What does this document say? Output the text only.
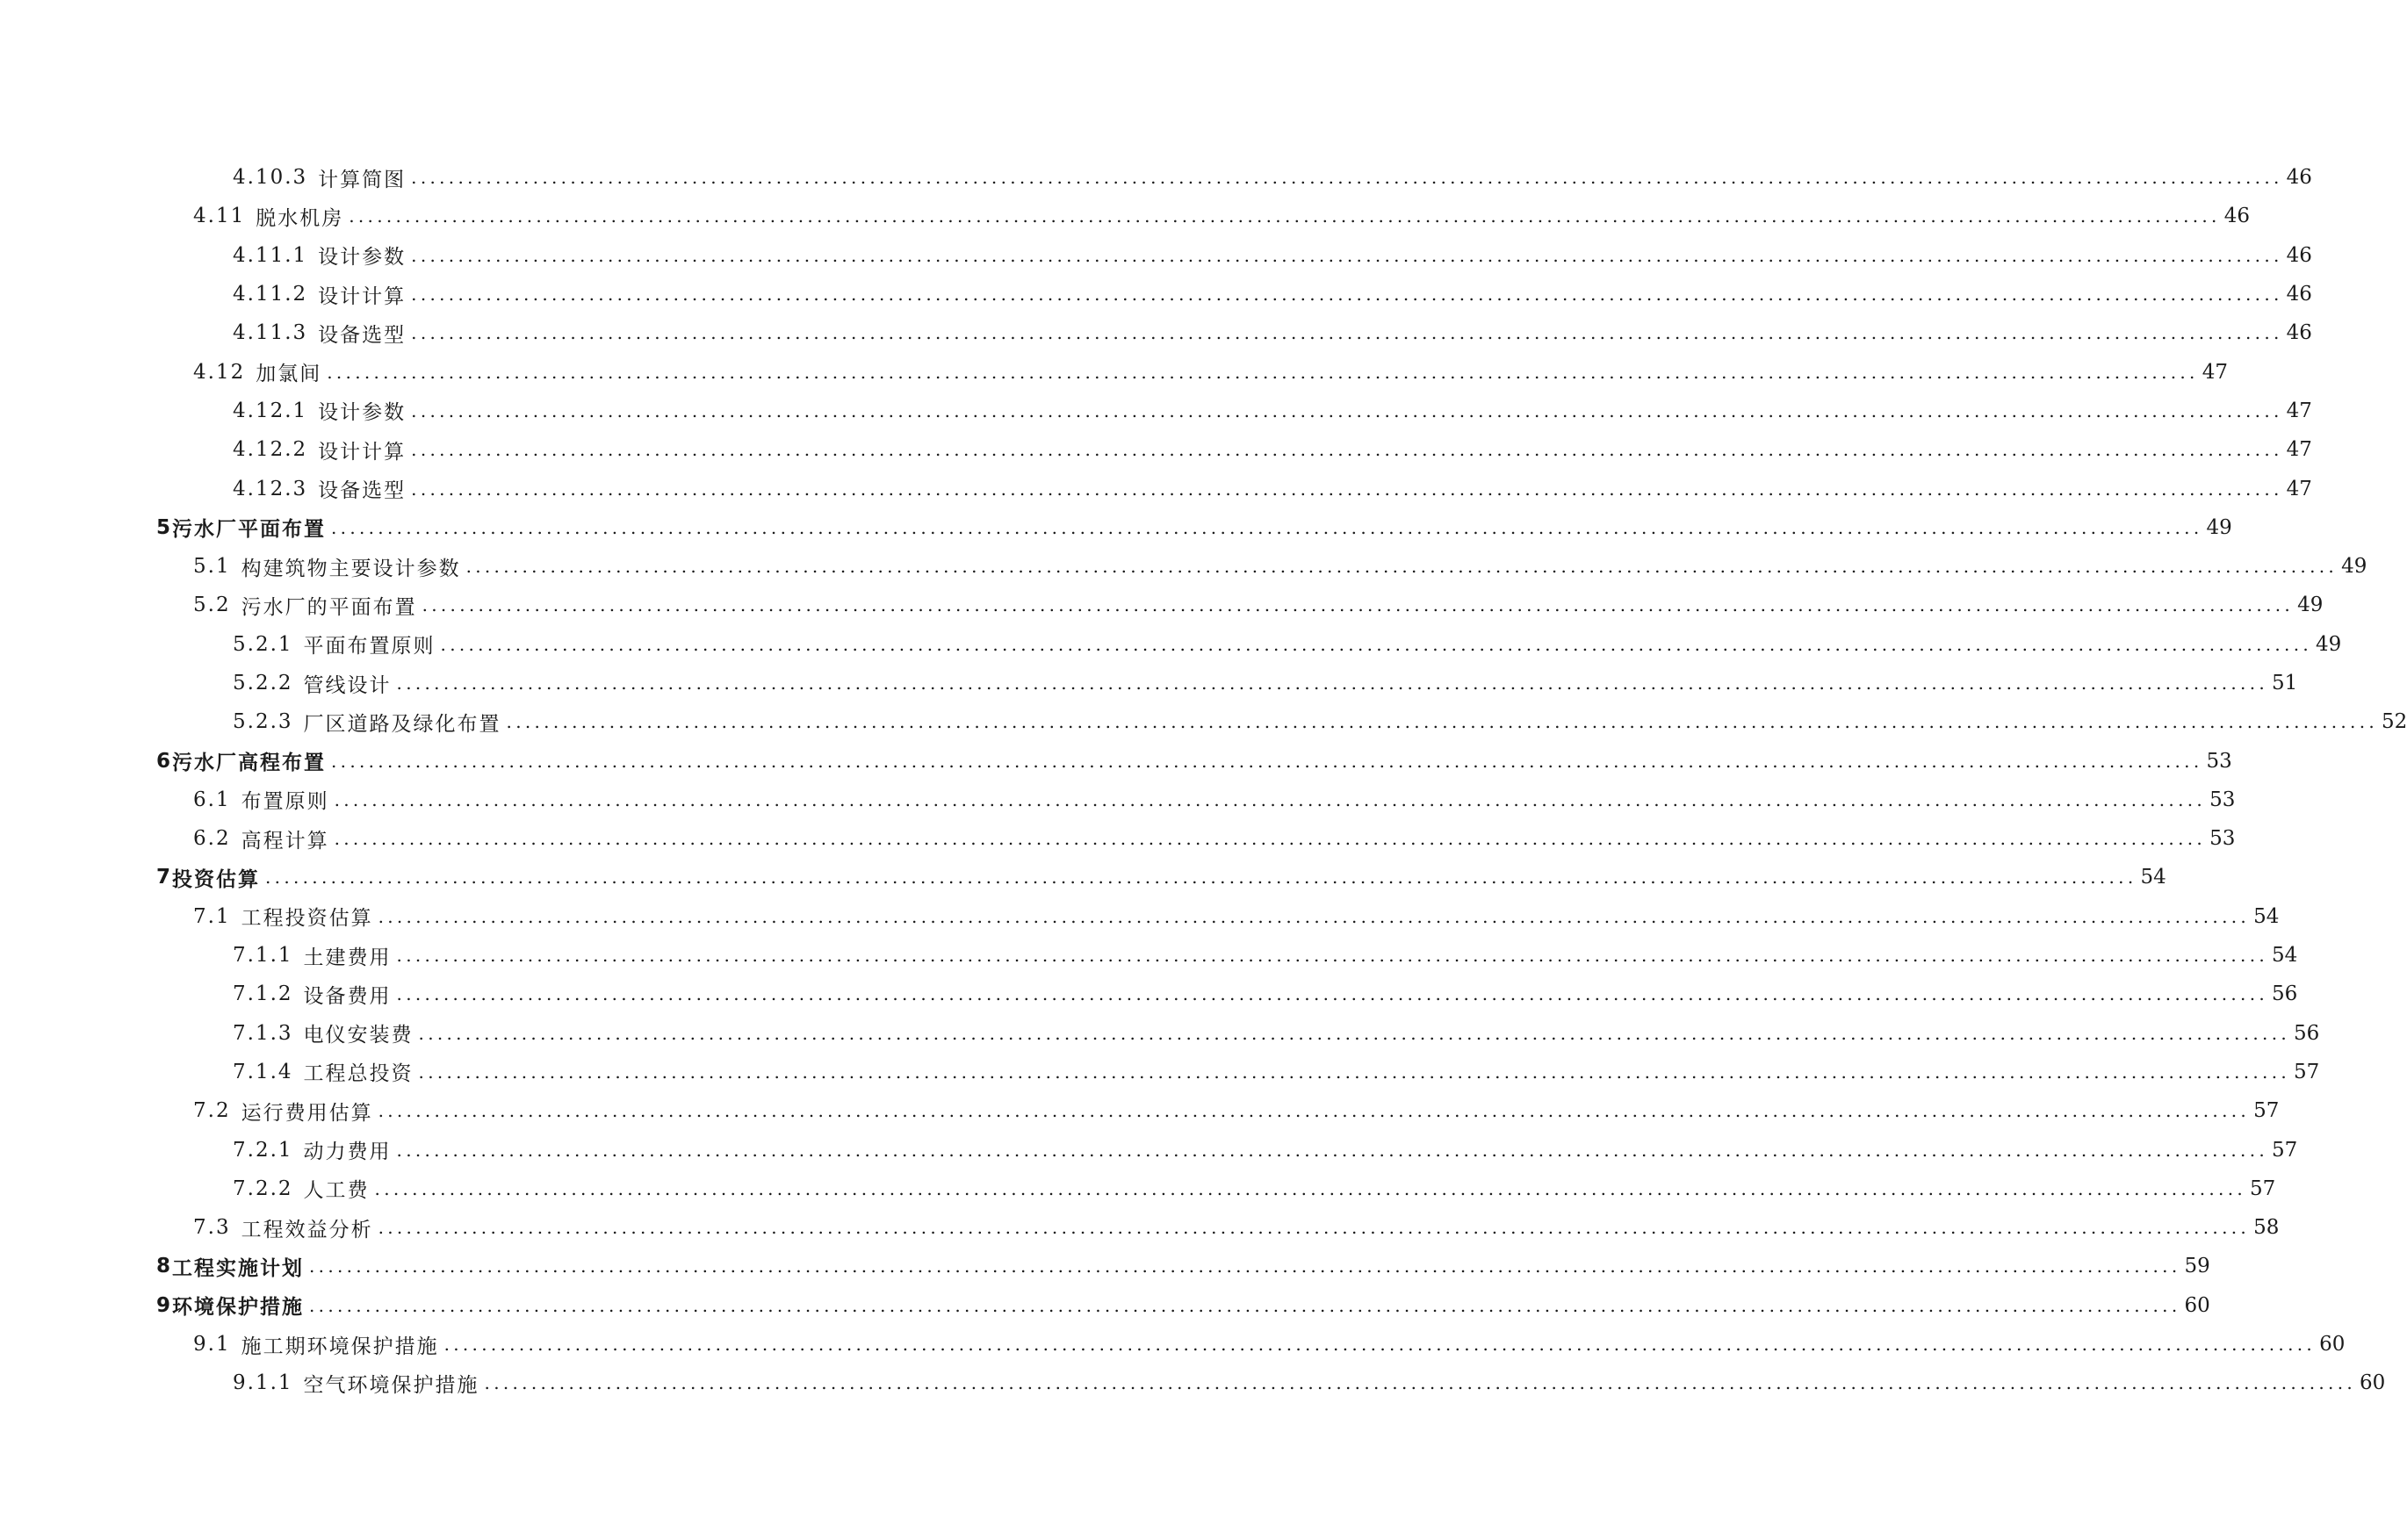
4.10.3 计算简图 ........................................................................................................................................................................................................ 46
4.11 脱水机房 ........................................................................................................................................................................................................ 46
4.11.1 设计参数 ........................................................................................................................................................................................................ 46
4.11.2 设计计算 ........................................................................................................................................................................................................ 46
4.11.3 设备选型 ........................................................................................................................................................................................................ 46
4.12 加氯间 ........................................................................................................................................................................................................ 47
4.12.1 设计参数 ........................................................................................................................................................................................................ 47
4.12.2 设计计算 ........................................................................................................................................................................................................ 47
4.12.3 设备选型 ........................................................................................................................................................................................................ 47
5 污水厂平面布置 ........................................................................................................................................................................................................ 49
5.1 构建筑物主要设计参数 ........................................................................................................................................................................................................ 49
5.2 污水厂的平面布置 ........................................................................................................................................................................................................ 49
5.2.1 平面布置原则 ........................................................................................................................................................................................................ 49
5.2.2 管线设计 ........................................................................................................................................................................................................ 51
5.2.3 厂区道路及绿化布置 ........................................................................................................................................................................................................ 52
6 污水厂高程布置 ........................................................................................................................................................................................................ 53
6.1 布置原则 ........................................................................................................................................................................................................ 53
6.2 高程计算 ........................................................................................................................................................................................................ 53
7 投资估算 ........................................................................................................................................................................................................ 54
7.1 工程投资估算 ........................................................................................................................................................................................................ 54
7.1.1 土建费用 ........................................................................................................................................................................................................ 54
7.1.2 设备费用 ........................................................................................................................................................................................................ 56
7.1.3 电仪安装费 ........................................................................................................................................................................................................ 56
7.1.4 工程总投资 ........................................................................................................................................................................................................ 57
7.2 运行费用估算 ........................................................................................................................................................................................................ 57
7.2.1 动力费用 ........................................................................................................................................................................................................ 57
7.2.2 人工费 ........................................................................................................................................................................................................ 57
7.3 工程效益分析 ........................................................................................................................................................................................................ 58
8 工程实施计划 ........................................................................................................................................................................................................ 59
9 环境保护措施 ........................................................................................................................................................................................................ 60
9.1 施工期环境保护措施 ........................................................................................................................................................................................................ 60
9.1.1 空气环境保护措施 ........................................................................................................................................................................................................ 60
